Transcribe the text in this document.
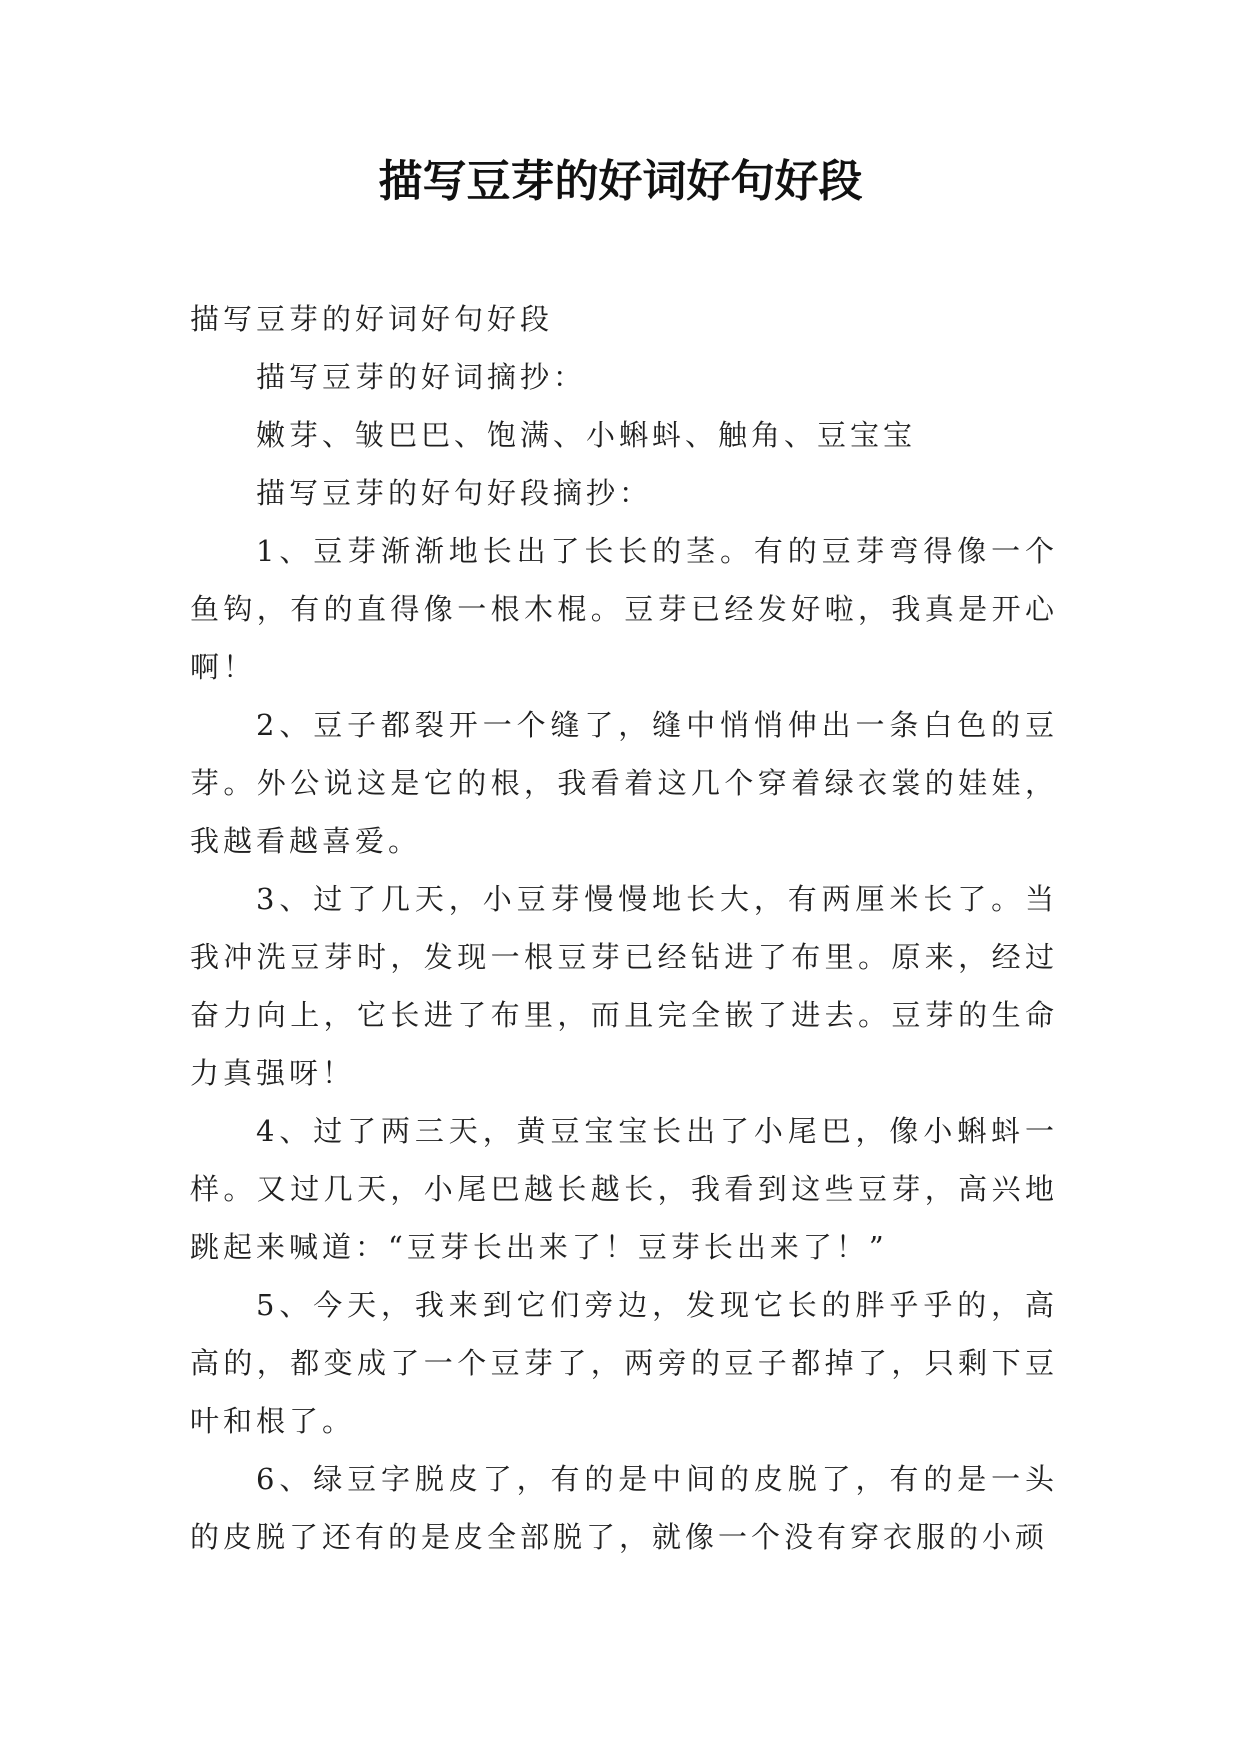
描写豆芽的好词好句好段

描写豆芽的好词好句好段

描写豆芽的好词摘抄：

嫩芽、皱巴巴、饱满、小蝌蚪、触角、豆宝宝

描写豆芽的好句好段摘抄：

1、豆芽渐渐地长出了长长的茎。有的豆芽弯得像一个鱼钩，有的直得像一根木棍。豆芽已经发好啦，我真是开心啊！

2、豆子都裂开一个缝了，缝中悄悄伸出一条白色的豆芽。外公说这是它的根，我看着这几个穿着绿衣裳的娃娃，我越看越喜爱。

3、过了几天，小豆芽慢慢地长大，有两厘米长了。当我冲洗豆芽时，发现一根豆芽已经钻进了布里。原来，经过奋力向上，它长进了布里，而且完全嵌了进去。豆芽的生命力真强呀！

4、过了两三天，黄豆宝宝长出了小尾巴，像小蝌蚪一样。又过几天，小尾巴越长越长，我看到这些豆芽，高兴地跳起来喊道：“豆芽长出来了！豆芽长出来了！”

5、今天，我来到它们旁边，发现它长的胖乎乎的，高高的，都变成了一个豆芽了，两旁的豆子都掉了，只剩下豆叶和根了。

6、绿豆字脱皮了，有的是中间的皮脱了，有的是一头的皮脱了还有的是皮全部脱了，就像一个没有穿衣服的小顽
